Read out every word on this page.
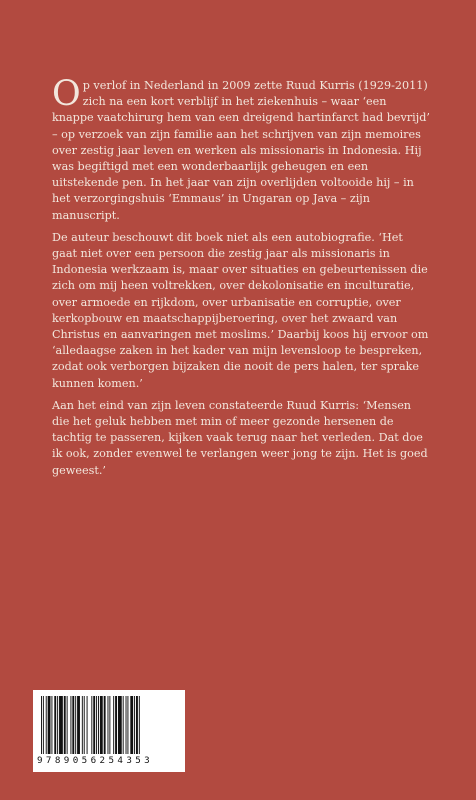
Op verlof in Nederland in 2009 zette Ruud Kurris (1929-2011) zich na een kort verblijf in het ziekenhuis – waar ‘een knappe vaatchirurg hem van een dreigend hartinfarct had bevrijd’ – op verzoek van zijn familie aan het schrijven van zijn memoires over zestig jaar leven en werken als missionaris in Indonesia. Hij was begiftigd met een wonderbaarlijk geheugen en een uitstekende pen. In het jaar van zijn overlijden voltooide hij – in het verzorgingshuis ‘Emmaus’ in Ungaran op Java – zijn manuscript.

De auteur beschouwt dit boek niet als een autobiografie. ‘Het gaat niet over een persoon die zestig jaar als missionaris in Indonesia werkzaam is, maar over situaties en gebeurtenissen die zich om mij heen voltrekken, over dekolonisatie en inculturatie, over armoede en rijkdom, over urbanisatie en corruptie, over kerkopbouw en maatschappijberoering, over het zwaard van Christus en aanvaringen met moslims.’ Daarbij koos hij ervoor om ‘alledaagse zaken in het kader van mijn levensloop te bespreken, zodat ook verborgen bijzaken die nooit de pers halen, ter sprake kunnen komen.’

Aan het eind van zijn leven constateerde Ruud Kurris: ‘Mensen die het geluk hebben met min of meer gezonde hersenen de tachtig te passeren, kijken vaak terug naar het verleden. Dat doe ik ook, zonder evenwel te verlangen weer jong te zijn. Het is goed geweest.’

9789056254353
